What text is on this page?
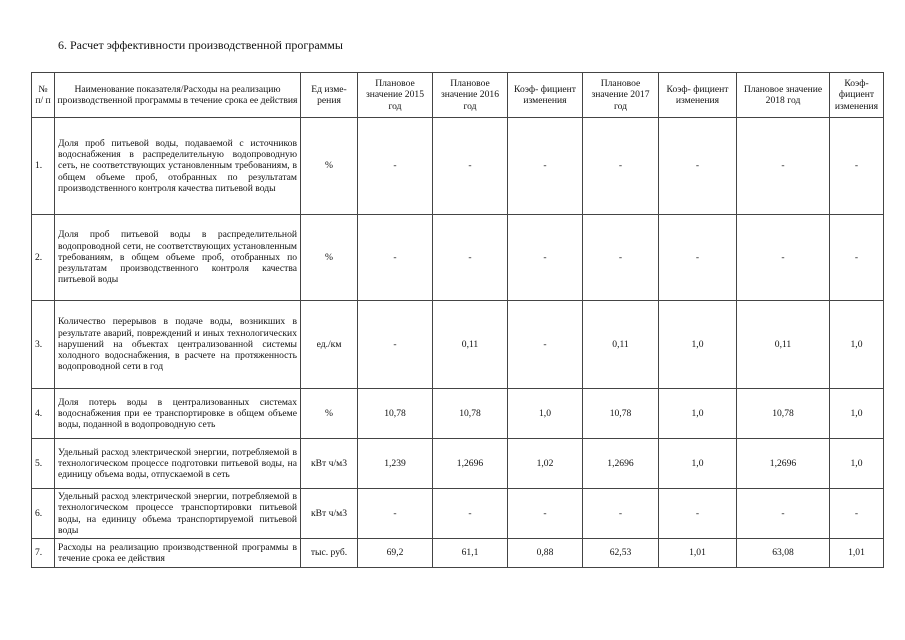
6. Расчет эффективности производственной программы
№ п/ п	Наименование показателя/Расходы на реализацию производственной программы в течение срока ее действия	Ед изме- рения	Плановое значение 2015 год	Плановое значение 2016 год	Коэф- фициент изменения	Плановое значение 2017 год	Коэф- фициент изменения	Плановое значение 2018 год	Коэф- фициент изменения
1.	Доля проб питьевой воды, подаваемой с источников водоснабжения в распределительную водопроводную сеть, не соответствующих установленным требованиям, в общем объеме проб, отобранных по результатам производственного контроля качества питьевой воды	%	-	-	-	-	-	-	-
2.	Доля проб питьевой воды в распределительной водопроводной сети, не соответствующих установленным требованиям, в общем объеме проб, отобранных по результатам производственного контроля качества питьевой воды	%	-	-	-	-	-	-	-
3.	Количество перерывов в подаче воды, возникших в результате аварий, повреждений и иных технологических нарушений на объектах централизованной системы холодного водоснабжения, в расчете на протяженность водопроводной сети в год	ед./км	-	0,11	-	0,11	1,0	0,11	1,0
4.	Доля потерь воды в централизованных системах водоснабжения при ее транспортировке в общем объеме воды, поданной в водопроводную сеть	%	10,78	10,78	1,0	10,78	1,0	10,78	1,0
5.	Удельный расход электрической энергии, потребляемой в технологическом процессе подготовки питьевой воды, на единицу объема воды, отпускаемой в сеть	кВт ч/м3	1,239	1,2696	1,02	1,2696	1,0	1,2696	1,0
6.	Удельный расход электрической энергии, потребляемой в технологическом процессе транспортировки питьевой воды, на единицу объема транспортируемой питьевой воды	кВт ч/м3	-	-	-	-	-	-	-
7.	Расходы на реализацию производственной программы в течение срока ее действия	тыс. руб.	69,2	61,1	0,88	62,53	1,01	63,08	1,01
